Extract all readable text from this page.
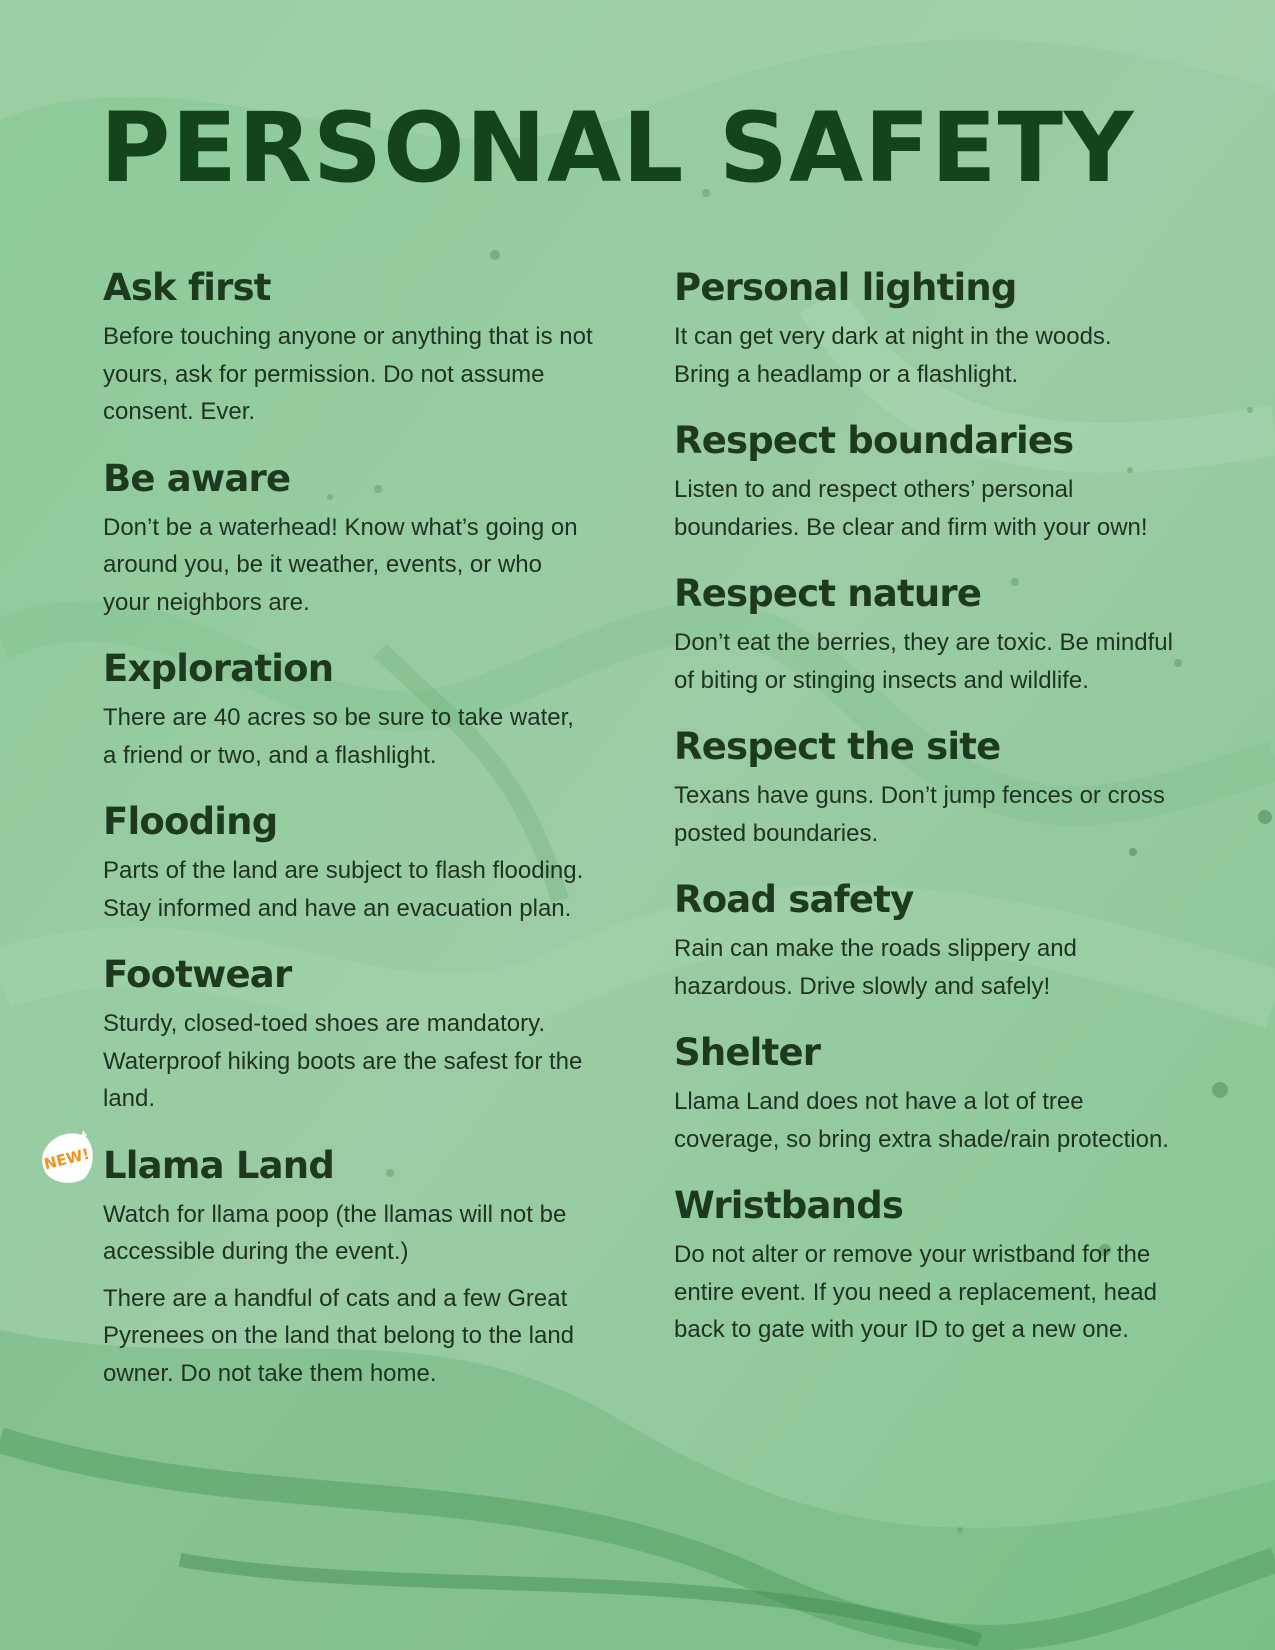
PERSONAL SAFETY
Ask first

Before touching anyone or anything that is not yours, ask for permission. Do not assume consent. Ever.

Be aware

Don’t be a waterhead! Know what’s going on around you, be it weather, events, or who your neighbors are.

Exploration

There are 40 acres so be sure to take water, a friend or two, and a flashlight.

Flooding

Parts of the land are subject to flash flooding. Stay informed and have an evacuation plan.

Footwear

Sturdy, closed-toed shoes are mandatory. Waterproof hiking boots are the safest for the land.

NEW! Llama Land

Watch for llama poop (the llamas will not be accessible during the event.)

There are a handful of cats and a few Great Pyrenees on the land that belong to the land owner. Do not take them home.

Personal lighting

It can get very dark at night in the woods. Bring a headlamp or a flashlight.

Respect boundaries

Listen to and respect others’ personal boundaries. Be clear and firm with your own!

Respect nature

Don’t eat the berries, they are toxic. Be mindful of biting or stinging insects and wildlife.

Respect the site

Texans have guns. Don’t jump fences or cross posted boundaries.

Road safety

Rain can make the roads slippery and hazardous. Drive slowly and safely!

Shelter

Llama Land does not have a lot of tree coverage, so bring extra shade/rain protection.

Wristbands

Do not alter or remove your wristband for the entire event. If you need a replacement, head back to gate with your ID to get a new one.
